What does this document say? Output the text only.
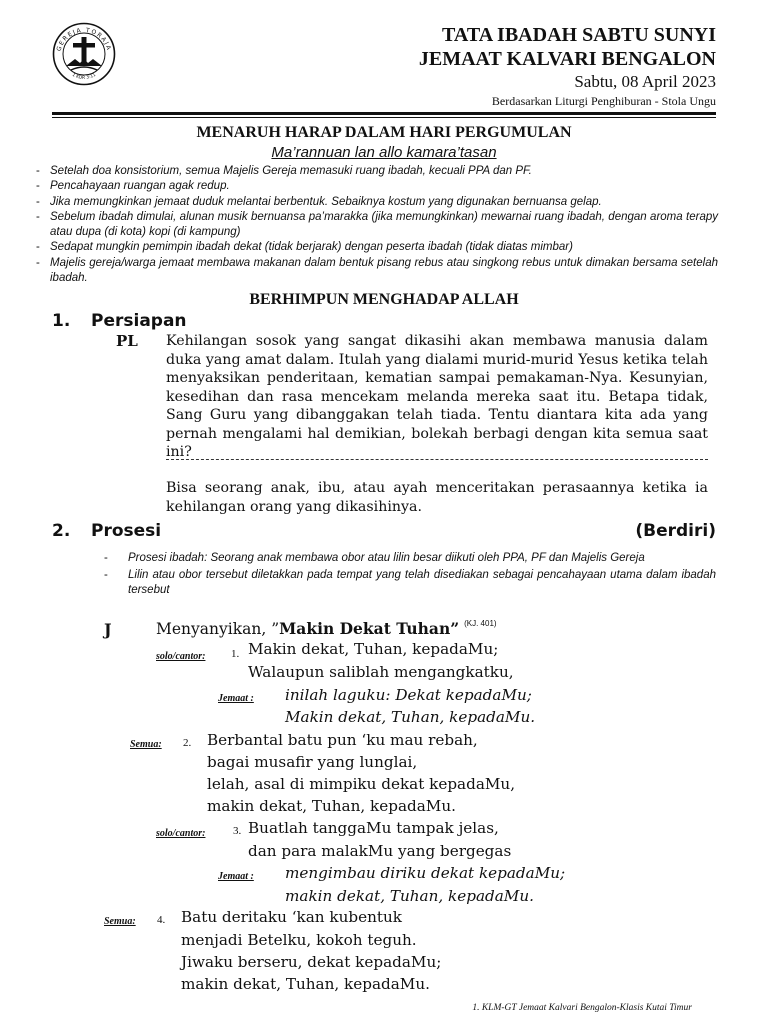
GEREJA TORAJA
1 KOR 3:11
TATA IBADAH SABTU SUNYI
JEMAAT KALVARI BENGALON
Sabtu, 08 April 2023
Berdasarkan Liturgi Penghiburan - Stola Ungu
MENARUH HARAP DALAM HARI PERGUMULAN
Ma’rannuan lan allo kamara’tasan
- Setelah doa konsistorium, semua Majelis Gereja memasuki ruang ibadah, kecuali PPA dan PF.
- Pencahayaan ruangan agak redup.
- Jika memungkinkan jemaat duduk melantai berbentuk. Sebaiknya kostum yang digunakan bernuansa gelap.
- Sebelum ibadah dimulai, alunan musik bernuansa pa’marakka (jika memungkinkan) mewarnai ruang ibadah, dengan aroma terapy atau dupa (di kota) kopi (di kampung)
- Sedapat mungkin pemimpin ibadah dekat (tidak berjarak) dengan peserta ibadah (tidak diatas mimbar)
- Majelis gereja/warga jemaat membawa makanan dalam bentuk pisang rebus atau singkong rebus untuk dimakan bersama setelah ibadah.
BERHIMPUN MENGHADAP ALLAH
1. Persiapan
PL Kehilangan sosok yang sangat dikasihi akan membawa manusia dalam duka yang amat dalam. Itulah yang dialami murid-murid Yesus ketika telah menyaksikan penderitaan, kematian sampai pemakaman-Nya. Kesunyian, kesedihan dan rasa mencekam melanda mereka saat itu. Betapa tidak, Sang Guru yang dibanggakan telah tiada. Tentu diantara kita ada yang pernah mengalami hal demikian, bolekah berbagi dengan kita semua saat ini?
Bisa seorang anak, ibu, atau ayah menceritakan perasaannya ketika ia kehilangan orang yang dikasihinya.
2. Prosesi	(Berdiri)
- Prosesi ibadah: Seorang anak membawa obor atau lilin besar diikuti oleh PPA, PF dan Majelis Gereja
- Lilin atau obor tersebut diletakkan pada tempat yang telah disediakan sebagai pencahayaan utama dalam ibadah tersebut
J	Menyanyikan, ”Makin Dekat Tuhan” $^{(KJ. 401)}$
solo/cantor: 1. Makin dekat, Tuhan, kepadaMu;
Walaupun saliblah mengangkatku,
Jemaat : inilah laguku: Dekat kepadaMu;
Makin dekat, Tuhan, kepadaMu.
Semua: 2. Berbantal batu pun ‘ku mau rebah,
bagai musafir yang lunglai,
lelah, asal di mimpiku dekat kepadaMu,
makin dekat, Tuhan, kepadaMu.
solo/cantor:	3. Buatlah tanggaMu tampak jelas,
dan para malakMu yang bergegas
Jemaat : mengimbau diriku dekat kepadaMu;
makin dekat, Tuhan, kepadaMu.
Semua: 4. Batu deritaku ‘kan kubentuk
menjadi Betelku, kokoh teguh.
Jiwaku berseru, dekat kepadaMu;
makin dekat, Tuhan, kepadaMu.
1. KLM-GT Jemaat Kalvari Bengalon-Klasis Kutai Timur
